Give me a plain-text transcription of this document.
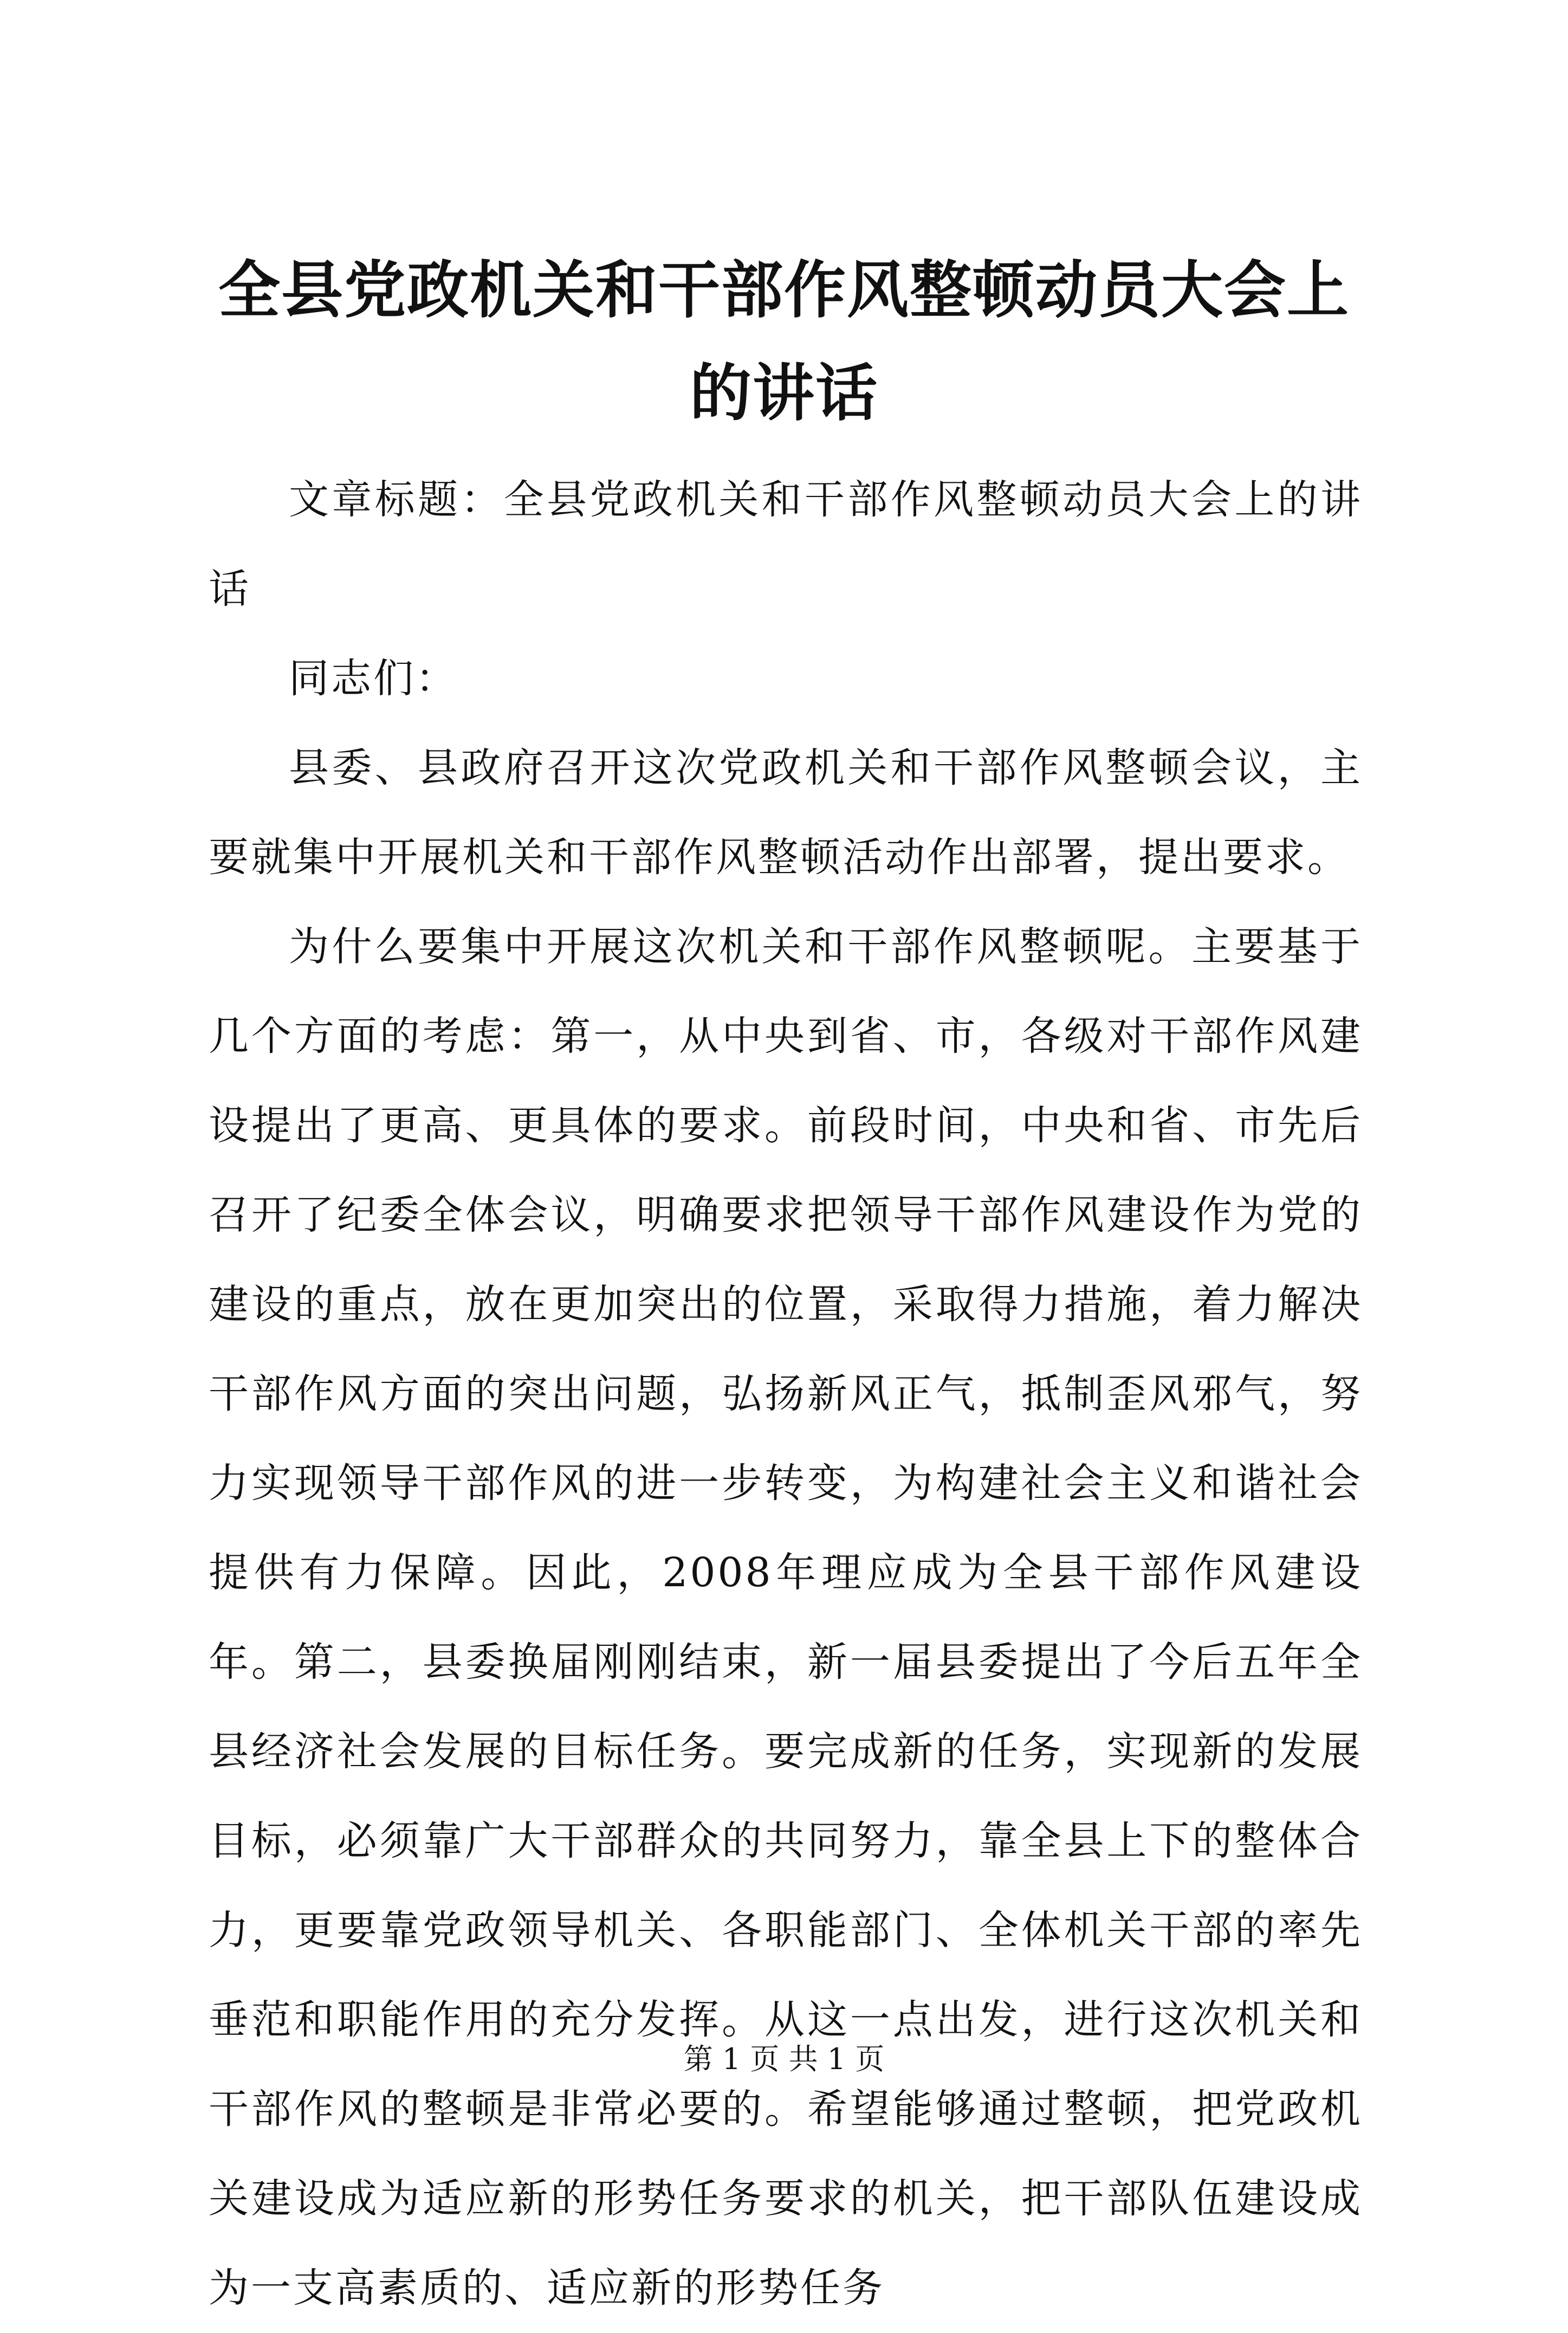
全县党政机关和干部作风整顿动员大会上的讲话

文章标题：全县党政机关和干部作风整顿动员大会上的讲话

同志们：

县委、县政府召开这次党政机关和干部作风整顿会议，主要就集中开展机关和干部作风整顿活动作出部署，提出要求。

为什么要集中开展这次机关和干部作风整顿呢。主要基于几个方面的考虑：第一，从中央到省、市，各级对干部作风建设提出了更高、更具体的要求。前段时间，中央和省、市先后召开了纪委全体会议，明确要求把领导干部作风建设作为党的建设的重点，放在更加突出的位置，采取得力措施，着力解决干部作风方面的突出问题，弘扬新风正气，抵制歪风邪气，努力实现领导干部作风的进一步转变，为构建社会主义和谐社会提供有力保障。因此，2008年理应成为全县干部作风建设年。第二，县委换届刚刚结束，新一届县委提出了今后五年全县经济社会发展的目标任务。要完成新的任务，实现新的发展目标，必须靠广大干部群众的共同努力，靠全县上下的整体合力，更要靠党政领导机关、各职能部门、全体机关干部的率先垂范和职能作用的充分发挥。从这一点出发，进行这次机关和干部作风的整顿是非常必要的。希望能够通过整顿，把党政机关建设成为适应新的形势任务要求的机关，把干部队伍建设成为一支高素质的、适应新的形势任务

第 1 页 共 1 页
